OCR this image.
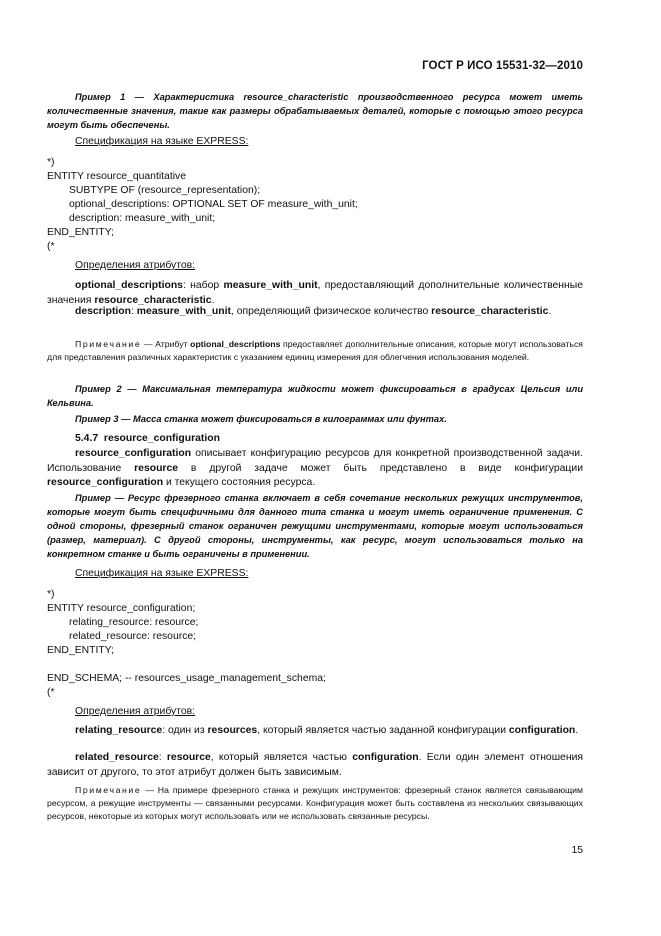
ГОСТ Р ИСО 15531-32—2010

Пример 1 — Характеристика resource_characteristic производственного ресурса может иметь количественные значения, такие как размеры обрабатываемых деталей, которые с помощью этого ресурса могут быть обеспечены.

Спецификация на языке EXPRESS:
*)
ENTITY resource_quantitative
SUBTYPE OF (resource_representation);
optional_descriptions: OPTIONAL SET OF measure_with_unit;
description: measure_with_unit;
END_ENTITY;
(*
Определения атрибутов:

optional_descriptions: набор measure_with_unit, предоставляющий дополнительные количественные значения resource_characteristic.

description: measure_with_unit, определяющий физическое количество resource_characteristic.

Примечание — Атрибут optional_descriptions предоставляет дополнительные описания, которые могут использоваться для представления различных характеристик с указанием единиц измерения для облегчения использования моделей.

Пример 2 — Максимальная температура жидкости может фиксироваться в градусах Цельсия или Кельвина.

Пример 3 — Масса станка может фиксироваться в килограммах или фунтах.

5.4.7 resource_configuration

resource_configuration описывает конфигурацию ресурсов для конкретной производственной задачи. Использование resource в другой задаче может быть представлено в виде конфигурации resource_configuration и текущего состояния ресурса.

Пример — Ресурс фрезерного станка включает в себя сочетание нескольких режущих инструментов, которые могут быть специфичными для данного типа станка и могут иметь ограничение применения. С одной стороны, фрезерный станок ограничен режущими инструментами, которые могут использоваться (размер, материал). С другой стороны, инструменты, как ресурс, могут использоваться только на конкретном станке и быть ограничены в применении.

Спецификация на языке EXPRESS:
*)
ENTITY resource_configuration;
relating_resource: resource;
related_resource: resource;
END_ENTITY;
END_SCHEMA; -- resources_usage_management_schema;
(*
Определения атрибутов:

relating_resource: один из resources, который является частью заданной конфигурации configuration.

related_resource: resource, который является частью configuration. Если один элемент отношения зависит от другого, то этот атрибут должен быть зависимым.

Примечание — На примере фрезерного станка и режущих инструментов: фрезерный станок является связывающим ресурсом, а режущие инструменты — связанными ресурсами. Конфигурация может быть составлена из нескольких связывающих ресурсов, некоторые из которых могут использовать или не использовать связанные ресурсы.

15
